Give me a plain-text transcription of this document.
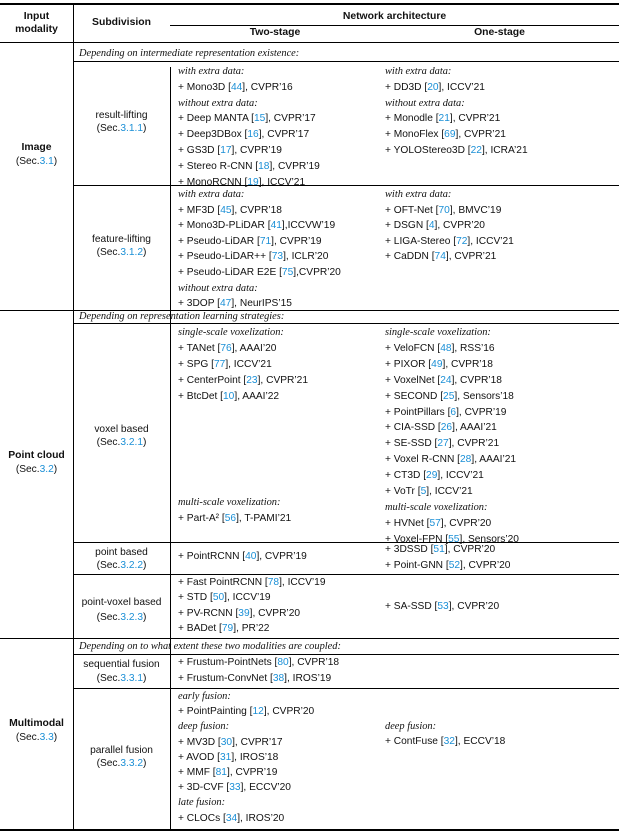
Input
modality
Subdivision
Network architecture
Two-stage	One-stage
Image
(Sec.3.1)
Depending on intermediate representation existence:
result-lifting
(Sec.3.1.1)
with extra data:
+ Mono3D [44], CVPR’16
without extra data:
+ Deep MANTA [15], CVPR’17
+ Deep3DBox [16], CVPR’17
+ GS3D [17], CVPR’19
+ Stereo R-CNN [18], CVPR’19
+ MonoRCNN [19], ICCV’21
with extra data:
+ DD3D [20], ICCV’21
without extra data:
+ Monodle [21], CVPR’21
+ MonoFlex [69], CVPR’21
+ YOLOStereo3D [22], ICRA’21
feature-lifting
(Sec.3.1.2)
with extra data:
+ MF3D [45], CVPR’18
+ Mono3D-PLiDAR [41],ICCVW’19
+ Pseudo-LiDAR [71], CVPR’19
+ Pseudo-LiDAR++ [73], ICLR’20
+ Pseudo-LiDAR E2E [75],CVPR’20
without extra data:
+ 3DOP [47], NeurIPS’15
with extra data:
+ OFT-Net [70], BMVC’19
+ DSGN [4], CVPR’20
+ LIGA-Stereo [72], ICCV’21
+ CaDDN [74], CVPR’21
Point cloud
(Sec.3.2)
Depending on representation learning strategies:
voxel based
(Sec.3.2.1)
single-scale voxelization:
+ TANet [76], AAAI’20
+ SPG [77], ICCV’21
+ CenterPoint [23], CVPR’21
+ BtcDet [10], AAAI’22
multi-scale voxelization:
+ Part-A² [56], T-PAMI’21
single-scale voxelization:
+ VeloFCN [48], RSS’16
+ PIXOR [49], CVPR’18
+ VoxelNet [24], CVPR’18
+ SECOND [25], Sensors’18
+ PointPillars [6], CVPR’19
+ CIA-SSD [26], AAAI’21
+ SE-SSD [27], CVPR’21
+ Voxel R-CNN [28], AAAI’21
+ CT3D [29], ICCV’21
+ VoTr [5], ICCV’21
multi-scale voxelization:
+ HVNet [57], CVPR’20
+ Voxel-FPN [55], Sensors’20
point based
(Sec.3.2.2)
+ PointRCNN [40], CVPR’19
+ 3DSSD [51], CVPR’20
+ Point-GNN [52], CVPR’20
point-voxel based
(Sec.3.2.3)
+ Fast PointRCNN [78], ICCV’19
+ STD [50], ICCV’19
+ PV-RCNN [39], CVPR’20
+ BADet [79], PR’22
+ SA-SSD [53], CVPR’20
Multimodal
(Sec.3.3)
Depending on to what extent these two modalities are coupled:
sequential fusion
(Sec.3.3.1)
+ Frustum-PointNets [80], CVPR’18
+ Frustum-ConvNet [38], IROS’19
parallel fusion
(Sec.3.3.2)
early fusion:
+ PointPainting [12], CVPR’20
deep fusion:
+ MV3D [30], CVPR’17
+ AVOD [31], IROS’18
+ MMF [81], CVPR’19
+ 3D-CVF [33], ECCV’20
late fusion:
+ CLOCs [34], IROS’20
deep fusion:
+ ContFuse [32], ECCV’18
